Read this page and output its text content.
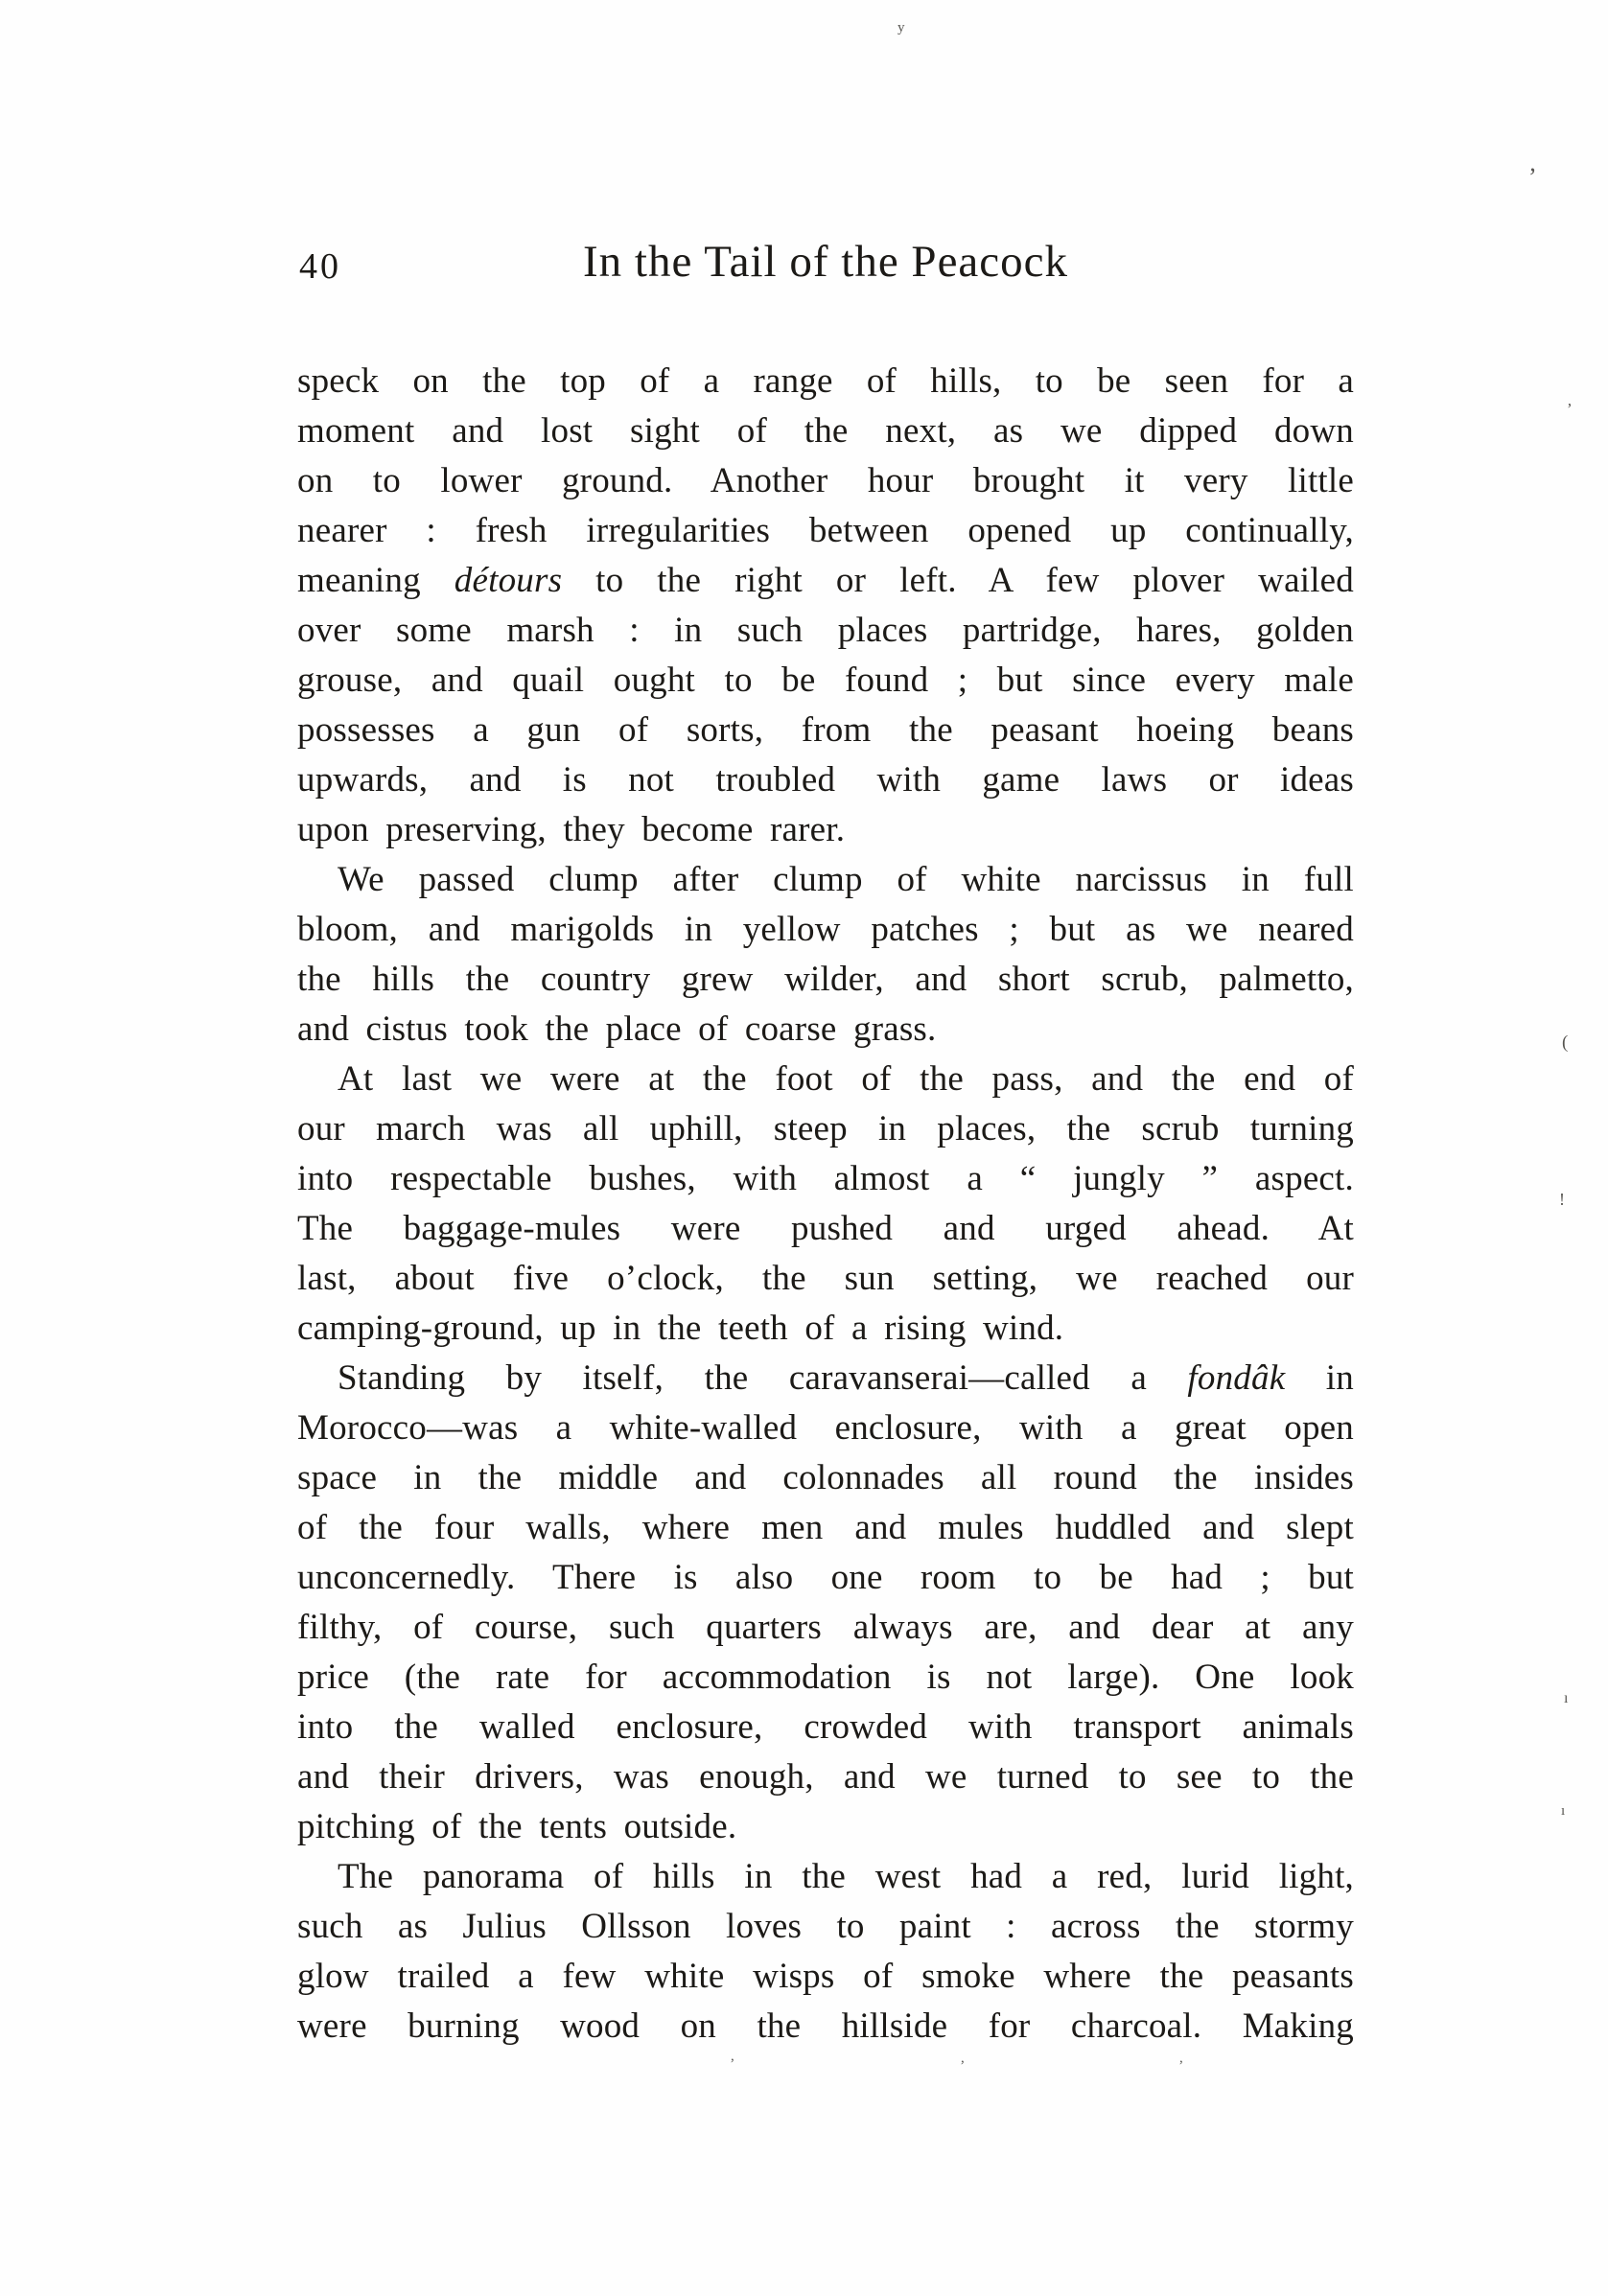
40	In the Tail of the Peacock
speck on the top of a range of hills, to be seen for a
moment and lost sight of the next, as we dipped down
on to lower ground. Another hour brought it very little
nearer : fresh irregularities between opened up continually,
meaning détours to the right or left. A few plover wailed
over some marsh : in such places partridge, hares, golden
grouse, and quail ought to be found ; but since every male
possesses a gun of sorts, from the peasant hoeing beans
upwards, and is not troubled with game laws or ideas
upon preserving, they become rarer.
We passed clump after clump of white narcissus in full
bloom, and marigolds in yellow patches ; but as we neared
the hills the country grew wilder, and short scrub, palmetto,
and cistus took the place of coarse grass.
At last we were at the foot of the pass, and the end of
our march was all uphill, steep in places, the scrub turning
into respectable bushes, with almost a “ jungly ” aspect.
The baggage-mules were pushed and urged ahead. At
last, about five o’clock, the sun setting, we reached our
camping-ground, up in the teeth of a rising wind.
Standing by itself, the caravanserai—called a fondâk in
Morocco—was a white-walled enclosure, with a great open
space in the middle and colonnades all round the insides
of the four walls, where men and mules huddled and slept
unconcernedly. There is also one room to be had ; but
filthy, of course, such quarters always are, and dear at any
price (the rate for accommodation is not large). One look
into the walled enclosure, crowded with transport animals
and their drivers, was enough, and we turned to see to the
pitching of the tents outside.
The panorama of hills in the west had a red, lurid light,
such as Julius Ollsson loves to paint : across the stormy
glow trailed a few white wisps of smoke where the peasants
were burning wood on the hillside for charcoal. Making
y
’
’
(
!
ı
ı
,	,	,
